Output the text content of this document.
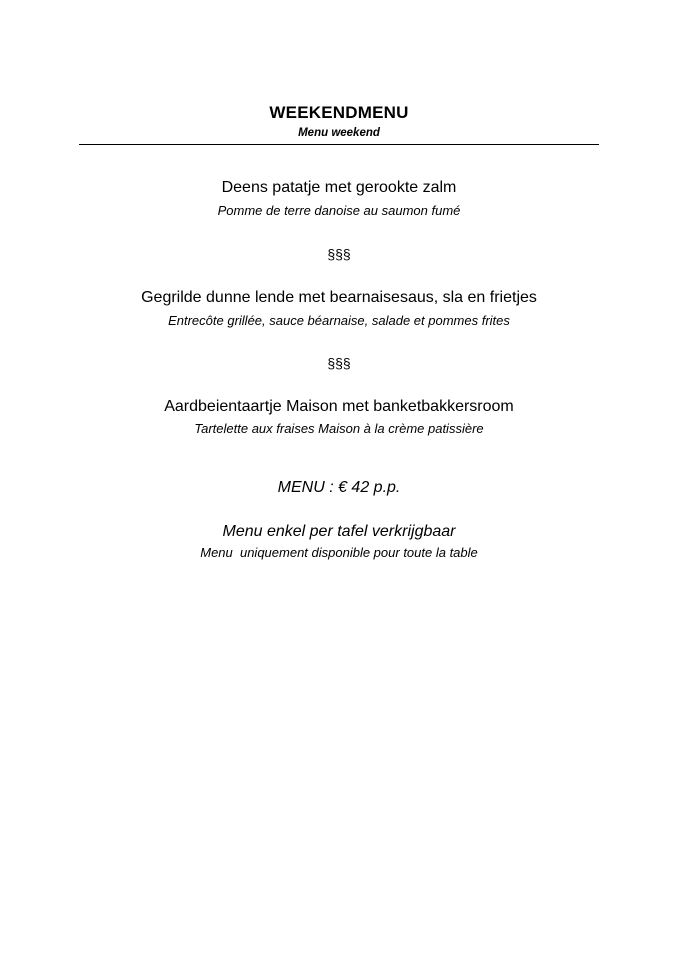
WEEKENDMENU
Menu weekend
Deens patatje met gerookte zalm
Pomme de terre danoise au saumon fumé
§§§
Gegrilde dunne lende met bearnaisesaus, sla en frietjes
Entrecôte grillée, sauce béarnaise, salade et pommes frites
§§§
Aardbeientaartje Maison met banketbakkersroom
Tartelette aux fraises Maison à la crème patissière
MENU : € 42 p.p.
Menu enkel per tafel verkrijgbaar
Menu  uniquement disponible pour toute la table
